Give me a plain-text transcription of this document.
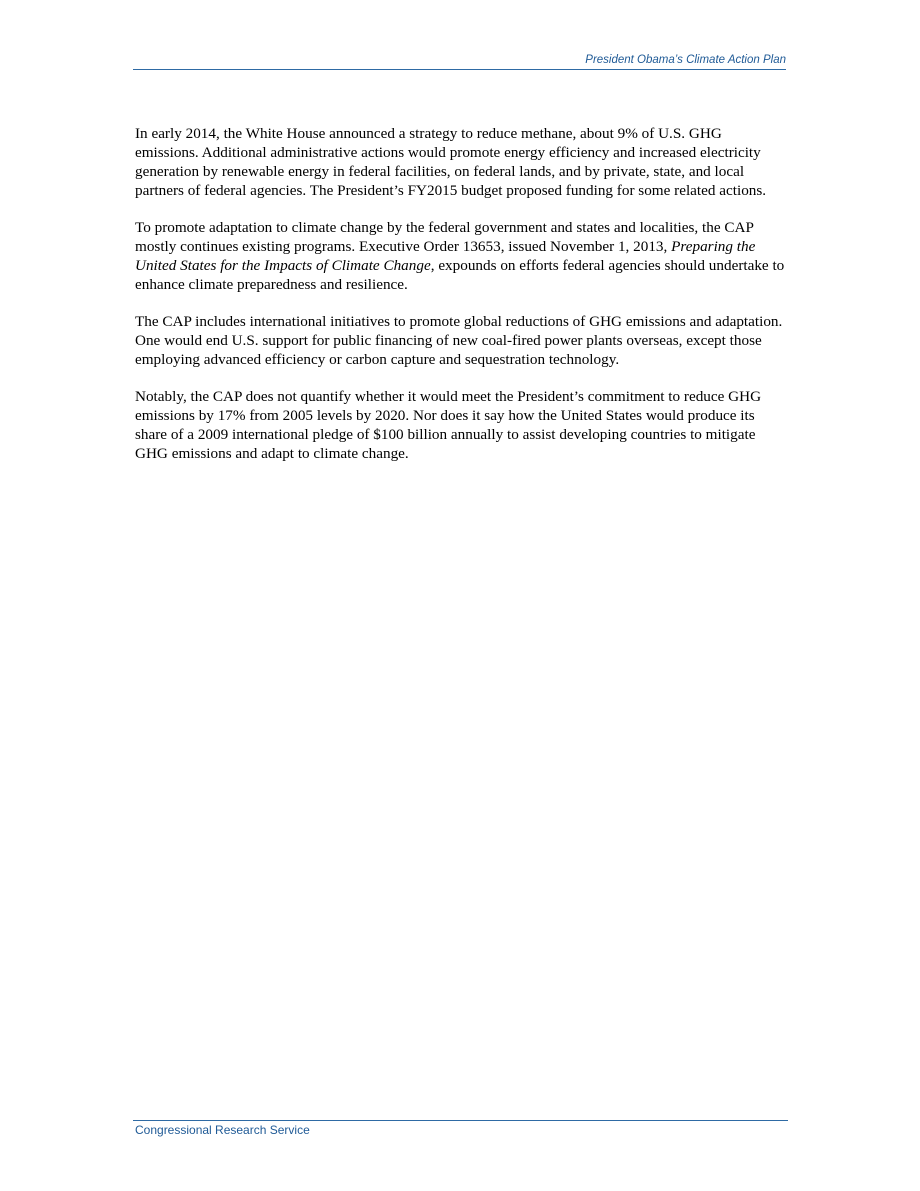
President Obama’s Climate Action Plan

In early 2014, the White House announced a strategy to reduce methane, about 9% of U.S. GHG emissions. Additional administrative actions would promote energy efficiency and increased electricity generation by renewable energy in federal facilities, on federal lands, and by private, state, and local partners of federal agencies. The President’s FY2015 budget proposed funding for some related actions.

To promote adaptation to climate change by the federal government and states and localities, the CAP mostly continues existing programs. Executive Order 13653, issued November 1, 2013, Preparing the United States for the Impacts of Climate Change, expounds on efforts federal agencies should undertake to enhance climate preparedness and resilience.

The CAP includes international initiatives to promote global reductions of GHG emissions and adaptation. One would end U.S. support for public financing of new coal-fired power plants overseas, except those employing advanced efficiency or carbon capture and sequestration technology.

Notably, the CAP does not quantify whether it would meet the President’s commitment to reduce GHG emissions by 17% from 2005 levels by 2020. Nor does it say how the United States would produce its share of a 2009 international pledge of $100 billion annually to assist developing countries to mitigate GHG emissions and adapt to climate change.

Congressional Research Service
